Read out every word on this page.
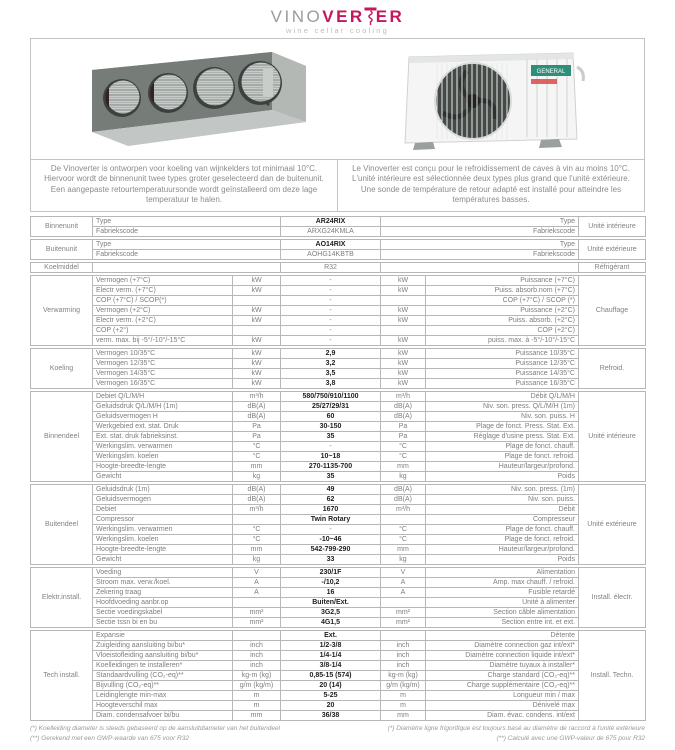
VINOVER ER
wine cellar cooling
GENERAL
De Vinoverter is ontworpen voor koeling van wijnkelders tot minimaal 10°C. Hiervoor wordt de binnenunit twee types groter geselecteerd dan de buitenunit. Een aangepaste retourtemperatuursonde wordt geïnstalleerd om deze lage temperatuur te halen.
Le Vinoverter est conçu pour le refroidissement de caves à vin au moins 10°C. L'unité intérieure est sélectionnée deux types plus grand que l'unité extérieure. Une sonde de température de retour adapté est installé pour atteindre les températures basses.
Binnenunit	Type	AR24RIX	Type	Unité intérieure
	Fabriekscode	ARXG24KMLA	Fabriekscode	
Buitenunit	Type	AO14RIX	Type	Unité extérieure
	Fabriekscode	AOHG14KBTB	Fabriekscode	
Koelmiddel		R32		Réfrigérant
Verwarming	Vermogen (+7°C)	kW	-	kW	Puissance (+7°C)	Chauffage
	Electr verm. (+7°C)	kW	-	kW	Puiss. absorb.nom (+7°C)	
	COP (+7°C) / SCOP(*)		-		COP (+7°C) / SCOP (*)	
	Vermogen (+2°C)	kW	-	kW	Puissance (+2°C)	
	Electr verm. (+2°C)	kW	-	kW	Puiss. absorb. (+2°C)	
	COP (+2°)		-		COP (+2°C)	
	verm. max. bij -5°/-10°/-15°C	kW	-	kW	puiss. max. à -5°/-10°/-15°C	
Koeling	Vermogen 10/35°C	kW	2,9	kW	Puissance 10/35°C	Refroid.
	Vermogen 12/35°C	kW	3,2	kW	Puissance 12/35°C	
	Vermogen 14/35°C	kW	3,5	kW	Puissance 14/35°C	
	Vermogen 16/35°C	kW	3,8	kW	Puissance 16/35°C	
Binnendeel	Debiet Q/L/M/H	m³/h	580/750/910/1100	m³/h	Débit Q/L/M/H	Unité intérieure
	Geluidsdruk Q/L/M/H (1m)	dB(A)	25/27/29/31	dB(A)	Niv. son. press. Q/L/M/H (1m)	
	Geluidsvermogen H	dB(A)	60	dB(A)	Niv. son. puiss. H	
	Werkgebied ext. stat. Druk	Pa	30-150	Pa	Plage de fonct. Press. Stat. Ext.	
	Ext. stat. druk fabrieksinst.	Pa	35	Pa	Réglage d'usine press. Stat. Ext.	
	Werkingslim. verwarmen	°C	-	°C	Plage de fonct. chauff.	
	Werkingslim. koelen	°C	10~18	°C	Plage de fonct. refroid.	
	Hoogte-breedte-lengte	mm	270-1135-700	mm	Hauteur/largeur/profond.	
	Gewicht	kg	35	kg	Poids	
Buitendeel	Geluidsdruk (1m)	dB(A)	49	dB(A)	Niv. son. press. (1m)	Unité extérieure
	Geluidsvermogen	dB(A)	62	dB(A)	Niv. son. puiss.	
	Debiet	m³/h	1670	m³/h	Débit	
	Compressor		Twin Rotary		Compresseur	
	Werkingslim. verwarmen	°C	-	°C	Plage de fonct. chauff.	
	Werkingslim. koelen	°C	-10~46	°C	Plage de fonct. refroid.	
	Hoogte-breedte-lengte	mm	542-799-290	mm	Hauteur/largeur/profond.	
	Gewicht	kg	33	kg	Poids	
Elektr.install.	Voeding	V	230/1F	V	Alimentation	Install. électr.
	Stroom max. verw./koel.	A	-/10,2	A	Amp. max chauff. / refroid.	
	Zekering traag	A	16	A	Fusible retardé	
	Hoofdvoeding aanbr.op		Buiten/Ext.		Unité à alimenter	
	Sectie voedingskabel	mm²	3G2,5	mm²	Section câble alimentation	
	Sectie tssn bi en bu	mm²	4G1,5	mm²	Section entre int. et ext.	
Tech install.	Expansie		Ext.		Détente	Install. Techn.
	Zuigleiding aansluiting bi/bu*	inch	1/2-3/8	inch	Diamètre connection gaz int/ext*	
	Vloeistofleiding aansluiting bi/bu*	inch	1/4-1/4	inch	Diamètre connection liquide int/ext*	
	Koelleidingen te installeren*	inch	3/8-1/4	inch	Diamètre tuyaux à installer*	
	Standaardvulling (CO₂-eq)**	kg-m (kg)	0,85-15 (574)	kg-m (kg)	Charge standard (CO₂-eq)**	
	Bijvulling (CO₂-eq)**	g/m (kg/m)	20 (14)	g/m (kg/m)	Charge supplémentaire (CO₂-eq)**	
	Leidinglengte min-max	m	5-25	m	Longueur min / max	
	Hoogteverschil max	m	20	m	Dénivelé max	
	Diam. condensafvoer bi/bu	mm	36/38	mm	Diam. évac. condens. int/ext	
(*) Koelleiding diameter is steeds gebaseerd op de aansluitdiameter van het buitendeel	(*) Diamètre ligne frigorifique est toujours basé au diamètre de raccord à l'unité extérieure
(**) Gerekend met een GWP-waarde van 675 voor R32	(**) Calculé avec une GWP-valeur de 675 pour R32
